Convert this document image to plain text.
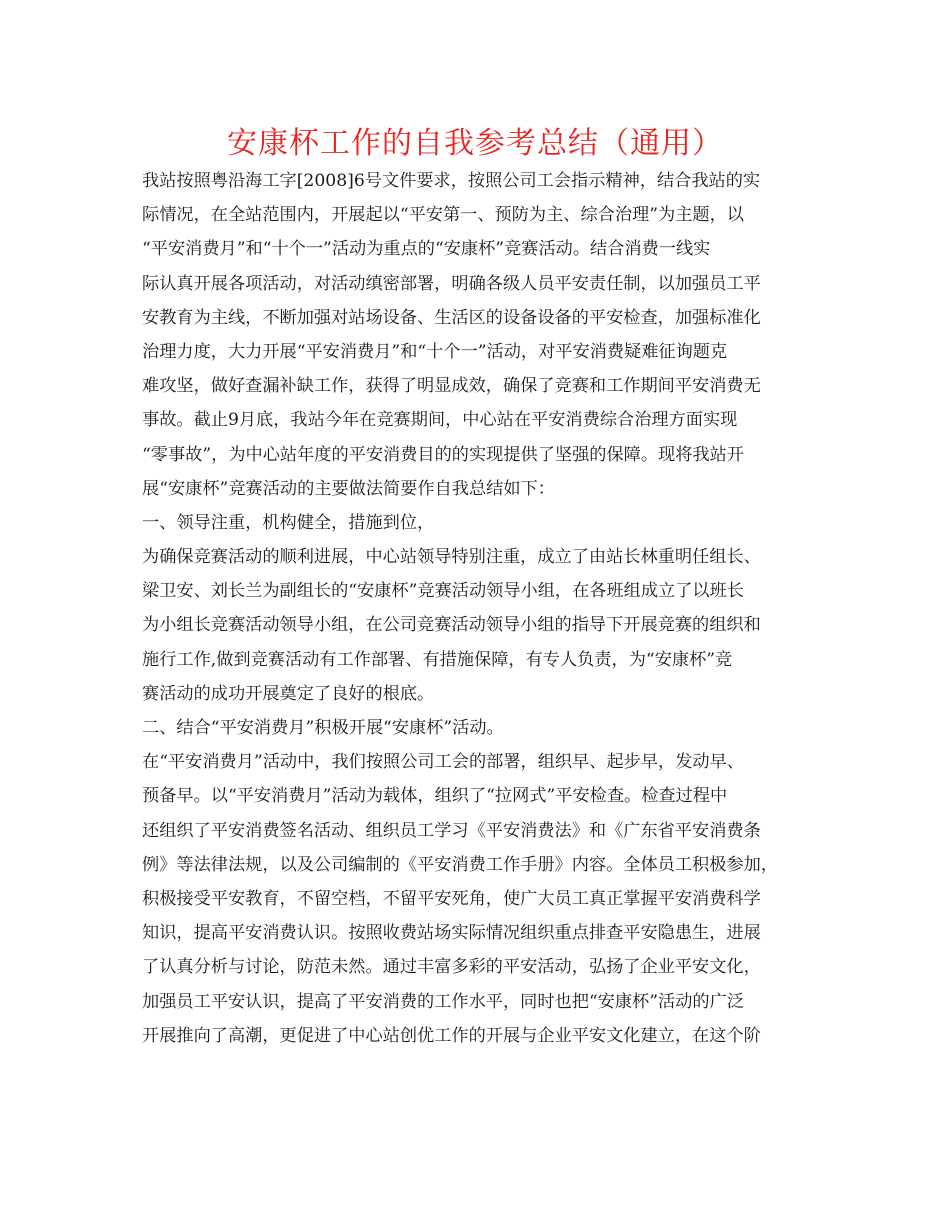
安康杯工作的自我参考总结（通用）
我站按照粤沿海工字[2008]6号文件要求，按照公司工会指示精神，结合我站的实
际情况，在全站范围内，开展起以“平安第一、预防为主、综合治理”为主题，以
“平安消费月”和“十个一”活动为重点的“安康杯”竞赛活动。结合消费一线实
际认真开展各项活动，对活动缜密部署，明确各级人员平安责任制，以加强员工平
安教育为主线，不断加强对站场设备、生活区的设备设备的平安检查，加强标准化
治理力度，大力开展“平安消费月”和“十个一”活动，对平安消费疑难征询题克
难攻坚，做好查漏补缺工作，获得了明显成效，确保了竞赛和工作期间平安消费无
事故。截止9月底，我站今年在竞赛期间，中心站在平安消费综合治理方面实现
“零事故”，为中心站年度的平安消费目的的实现提供了坚强的保障。现将我站开
展“安康杯”竞赛活动的主要做法简要作自我总结如下：
一、领导注重，机构健全，措施到位，
为确保竞赛活动的顺利进展，中心站领导特别注重，成立了由站长林重明任组长、
梁卫安、刘长兰为副组长的“安康杯”竞赛活动领导小组，在各班组成立了以班长
为小组长竞赛活动领导小组，在公司竞赛活动领导小组的指导下开展竞赛的组织和
施行工作,做到竞赛活动有工作部署、有措施保障，有专人负责，为“安康杯”竞
赛活动的成功开展奠定了良好的根底。
二、结合“平安消费月”积极开展“安康杯”活动。
在“平安消费月”活动中，我们按照公司工会的部署，组织早、起步早，发动早、
预备早。以“平安消费月”活动为载体，组织了“拉网式”平安检查。检查过程中
还组织了平安消费签名活动、组织员工学习《平安消费法》和《广东省平安消费条
例》等法律法规，以及公司编制的《平安消费工作手册》内容。全体员工积极参加，
积极接受平安教育，不留空档，不留平安死角，使广大员工真正掌握平安消费科学
知识，提高平安消费认识。按照收费站场实际情况组织重点排查平安隐患生，进展
了认真分析与讨论，防范未然。通过丰富多彩的平安活动，弘扬了企业平安文化，
加强员工平安认识，提高了平安消费的工作水平，同时也把“安康杯”活动的广泛
开展推向了高潮，更促进了中心站创优工作的开展与企业平安文化建立，在这个阶
